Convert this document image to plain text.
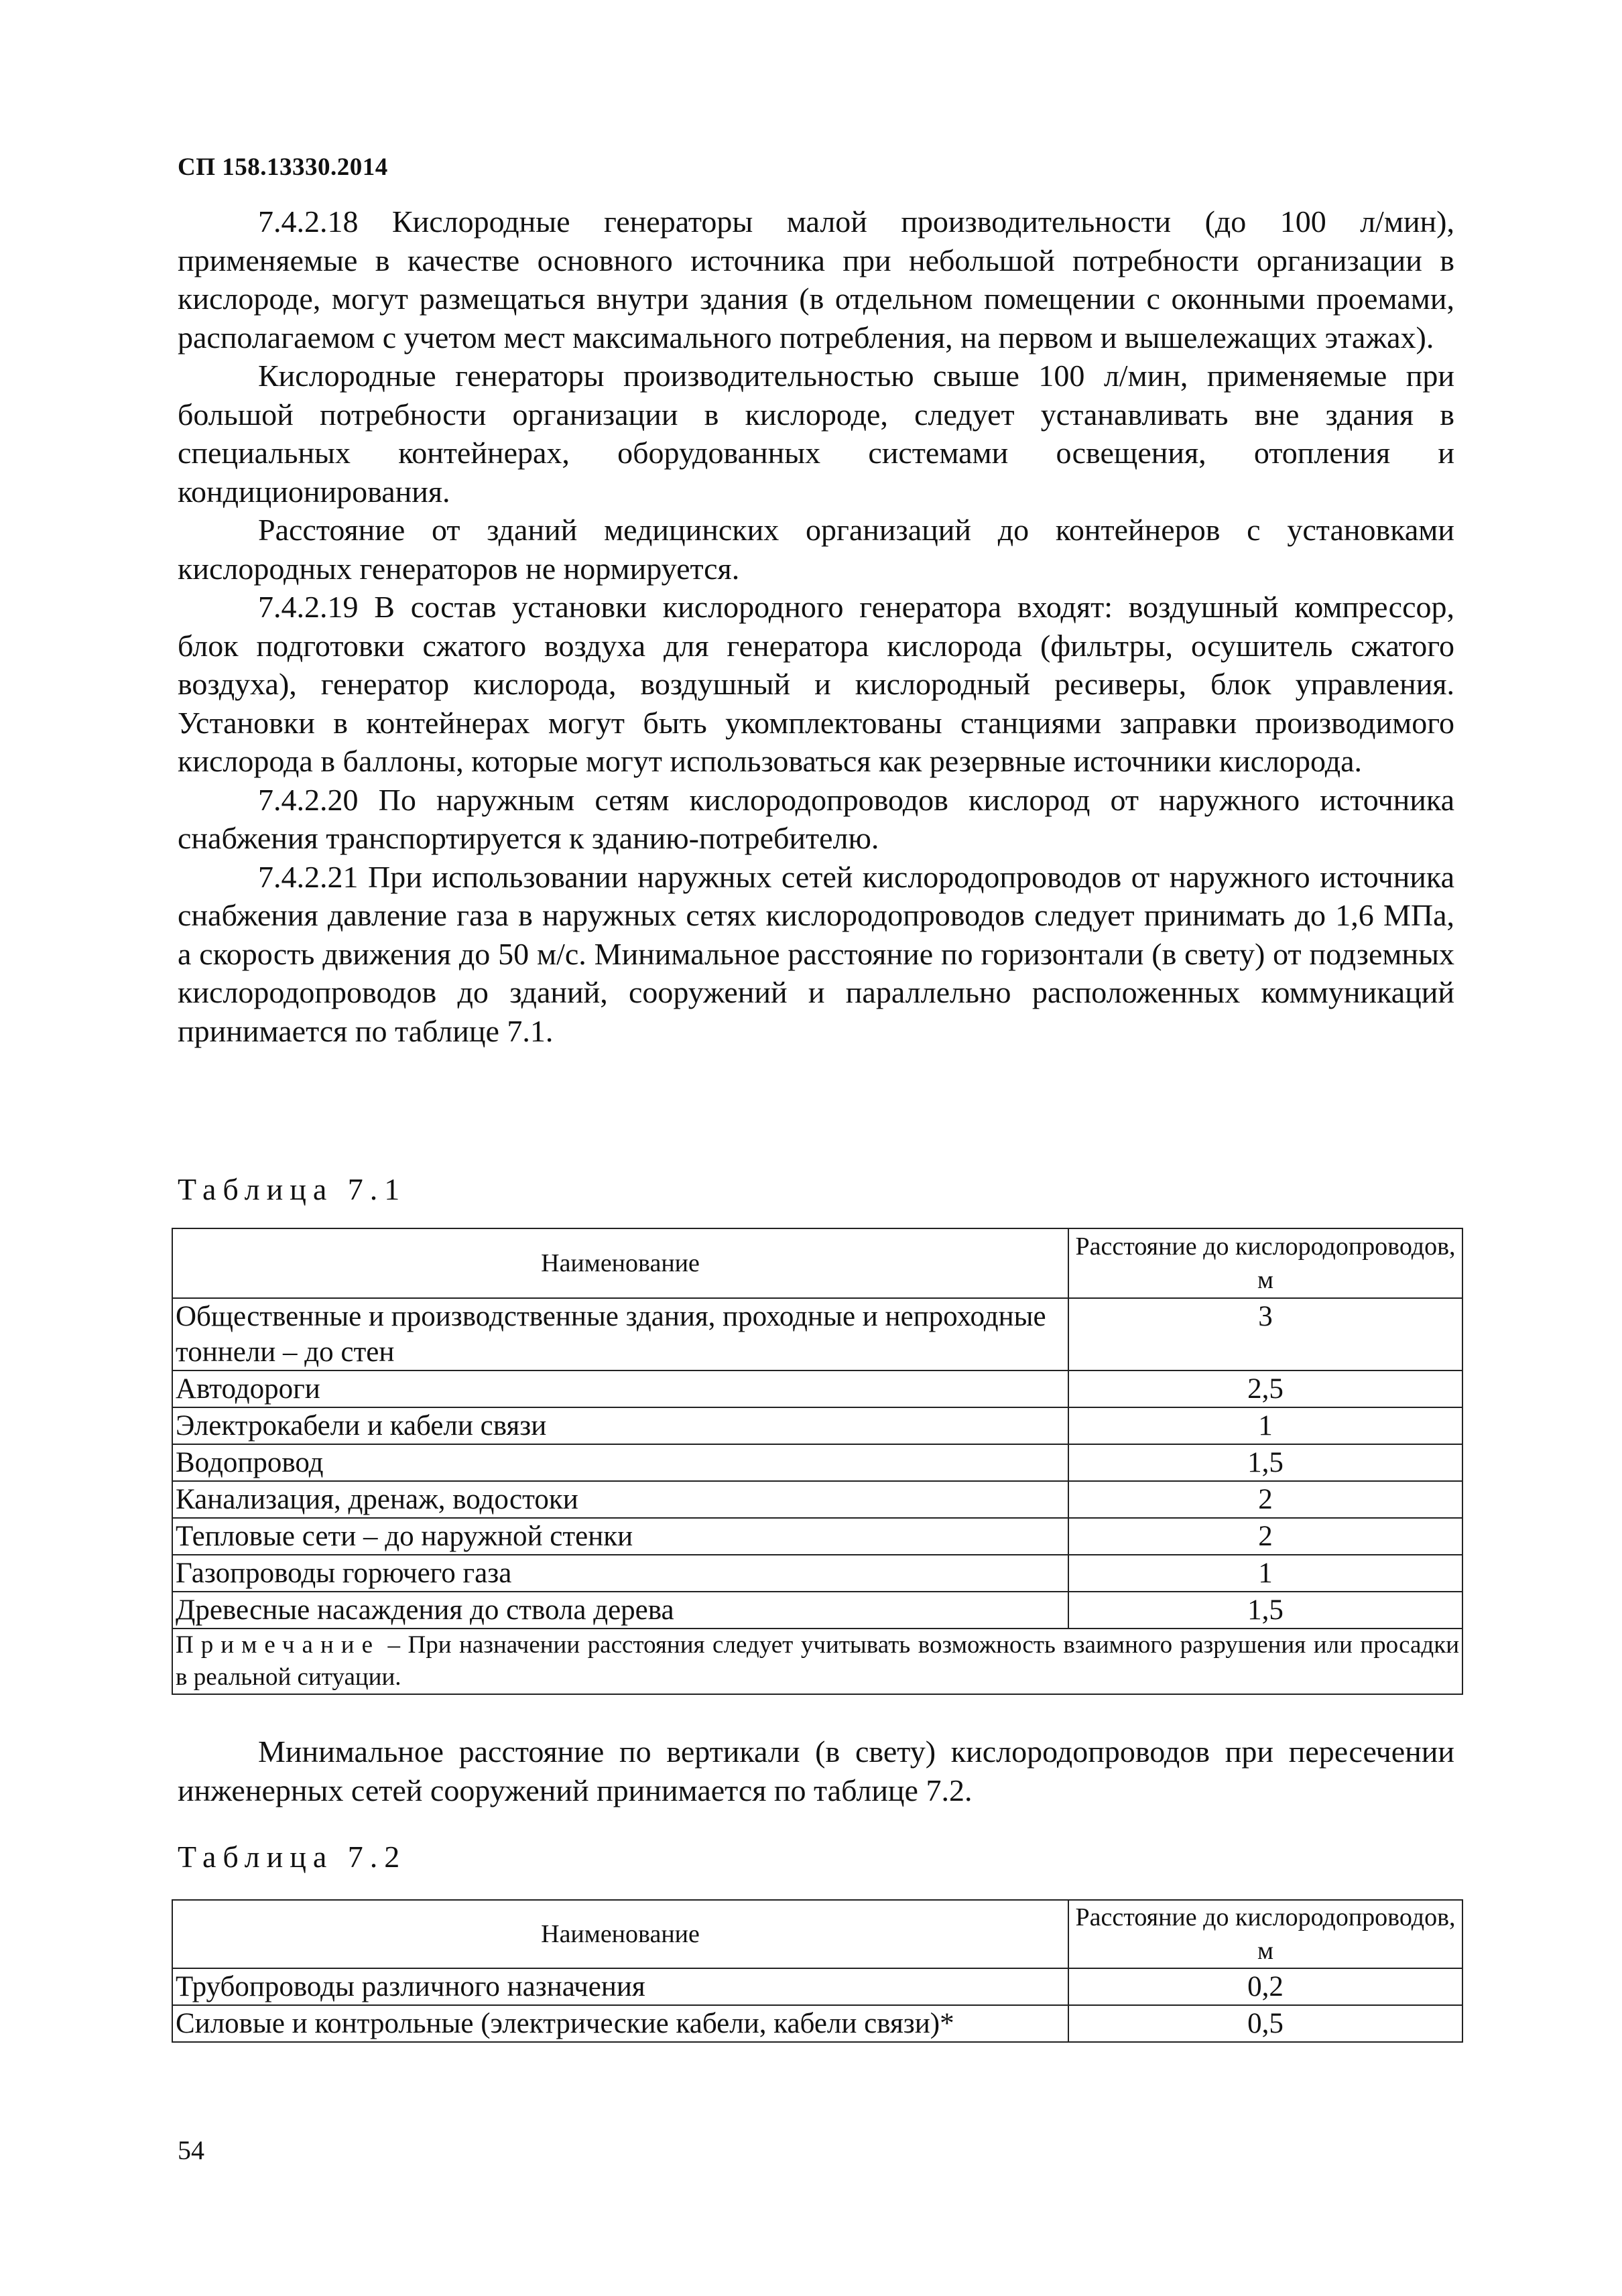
СП 158.13330.2014

7.4.2.18 Кислородные генераторы малой производительности (до 100 л/мин), применяемые в качестве основного источника при небольшой потребности организации в кислороде, могут размещаться внутри здания (в отдельном помещении с оконными проемами, располагаемом с учетом мест максимального потребления, на первом и вышележащих этажах).

Кислородные генераторы производительностью свыше 100 л/мин, применяемые при большой потребности организации в кислороде, следует устанавливать вне здания в специальных контейнерах, оборудованных системами освещения, отопления и кондиционирования.

Расстояние от зданий медицинских организаций до контейнеров с установками кислородных генераторов не нормируется.

7.4.2.19 В состав установки кислородного генератора входят: воздушный компрессор, блок подготовки сжатого воздуха для генератора кислорода (фильтры, осушитель сжатого воздуха), генератор кислорода, воздушный и кислородный ресиверы, блок управления. Установки в контейнерах могут быть укомплектованы станциями заправки производимого кислорода в баллоны, которые могут использоваться как резервные источники кислорода.

7.4.2.20 По наружным сетям кислородопроводов кислород от наружного источника снабжения транспортируется к зданию-потребителю.

7.4.2.21 При использовании наружных сетей кислородопроводов от наружного источника снабжения давление газа в наружных сетях кислородопроводов следует принимать до 1,6 МПа, а скорость движения до 50 м/с. Минимальное расстояние по горизонтали (в свету) от подземных кислородопроводов до зданий, сооружений и параллельно расположенных коммуникаций принимается по таблице 7.1.

Таблица 7.1
Наименование	Расстояние до кислородопроводов, м
Общественные и производственные здания, проходные и непроходные тоннели – до стен	3
Автодороги	2,5
Электрокабели и кабели связи	1
Водопровод	1,5
Канализация, дренаж, водостоки	2
Тепловые сети – до наружной стенки	2
Газопроводы горючего газа	1
Древесные насаждения до ствола дерева	1,5
Примечание – При назначении расстояния следует учитывать возможность взаимного разрушения или просадки в реальной ситуации.	

Минимальное расстояние по вертикали (в свету) кислородопроводов при пересечении инженерных сетей сооружений принимается по таблице 7.2.

Таблица 7.2
Наименование	Расстояние до кислородопроводов, м
Трубопроводы различного назначения	0,2
Силовые и контрольные (электрические кабели, кабели связи)*	0,5
54
